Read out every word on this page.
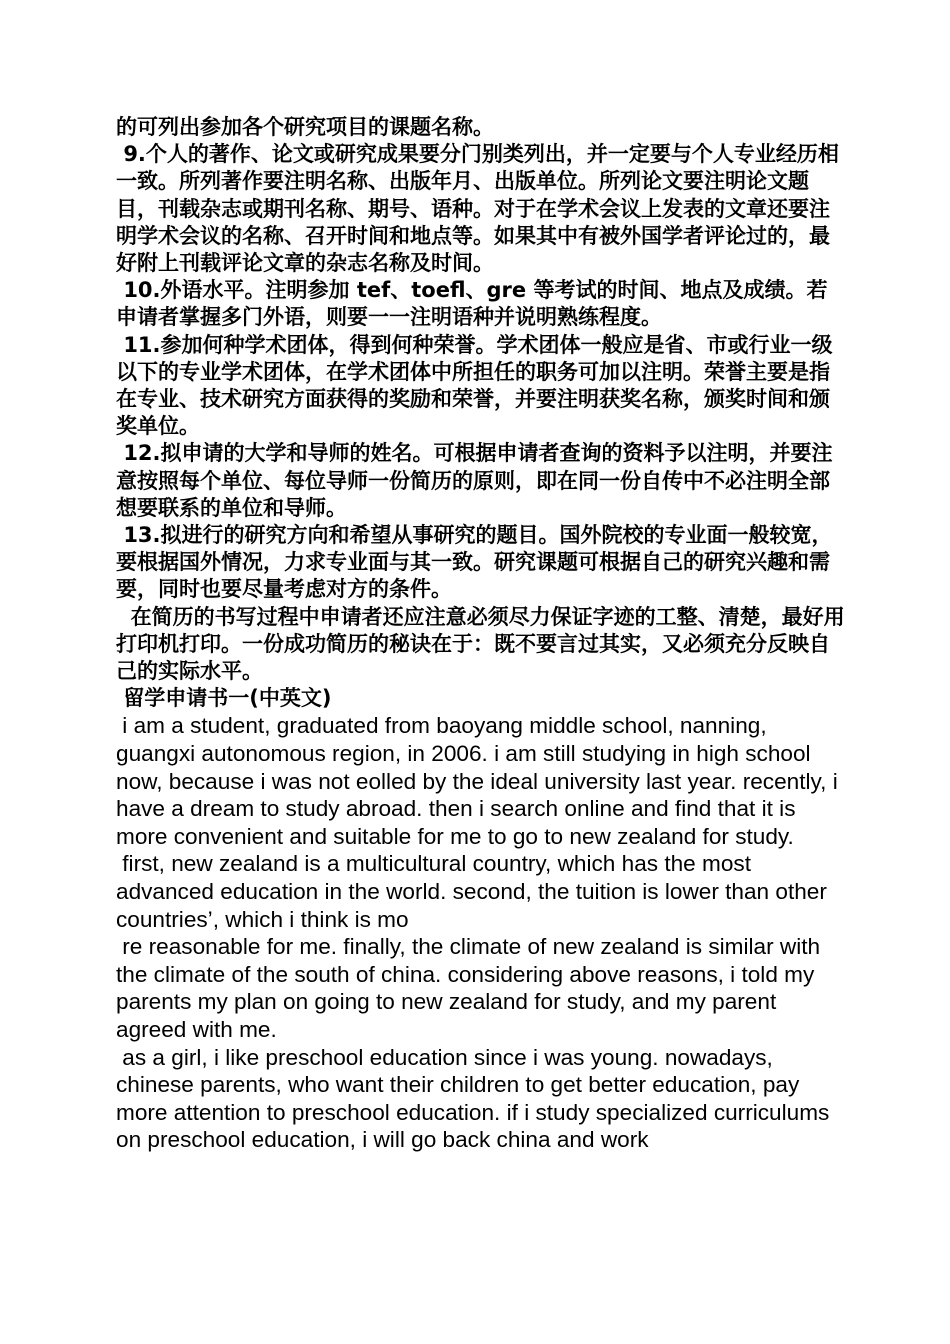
的可列出参加各个研究项目的课题名称。

9.个人的著作、论文或研究成果要分门别类列出，并一定要与个人专业经历相一致。所列著作要注明名称、出版年月、出版单位。所列论文要注明论文题目，刊载杂志或期刊名称、期号、语种。对于在学术会议上发表的文章还要注明学术会议的名称、召开时间和地点等。如果其中有被外国学者评论过的，最好附上刊载评论文章的杂志名称及时间。

10.外语水平。注明参加 tef、toefl、gre 等考试的时间、地点及成绩。若申请者掌握多门外语，则要一一注明语种并说明熟练程度。

11.参加何种学术团体，得到何种荣誉。学术团体一般应是省、市或行业一级以下的专业学术团体，在学术团体中所担任的职务可加以注明。荣誉主要是指在专业、技术研究方面获得的奖励和荣誉，并要注明获奖名称，颁奖时间和颁奖单位。

12.拟申请的大学和导师的姓名。可根据申请者查询的资料予以注明，并要注意按照每个单位、每位导师一份简历的原则，即在同一份自传中不必注明全部想要联系的单位和导师。

13.拟进行的研究方向和希望从事研究的题目。国外院校的专业面一般较宽，要根据国外情况，力求专业面与其一致。研究课题可根据自己的研究兴趣和需要，同时也要尽量考虑对方的条件。

在简历的书写过程中申请者还应注意必须尽力保证字迹的工整、清楚，最好用打印机打印。一份成功简历的秘诀在于：既不要言过其实，又必须充分反映自己的实际水平。

留学申请书一(中英文)

i am a student, graduated from baoyang middle school, nanning, guangxi autonomous region, in 2006. i am still studying in high school now, because i was not eolled by the ideal university last year. recently, i have a dream to study abroad. then i search online and find that it is more convenient and suitable for me to go to new zealand for study.

first, new zealand is a multicultural country, which has the most advanced education in the world. second, the tuition is lower than other countries’, which i think is mo

re reasonable for me. finally, the climate of new zealand is similar with the climate of the south of china. considering above reasons, i told my parents my plan on going to new zealand for study, and my parent agreed with me.

as a girl, i like preschool education since i was young. nowadays, chinese parents, who want their children to get better education, pay more attention to preschool education. if i study specialized curriculums on preschool education, i will go back china and work
